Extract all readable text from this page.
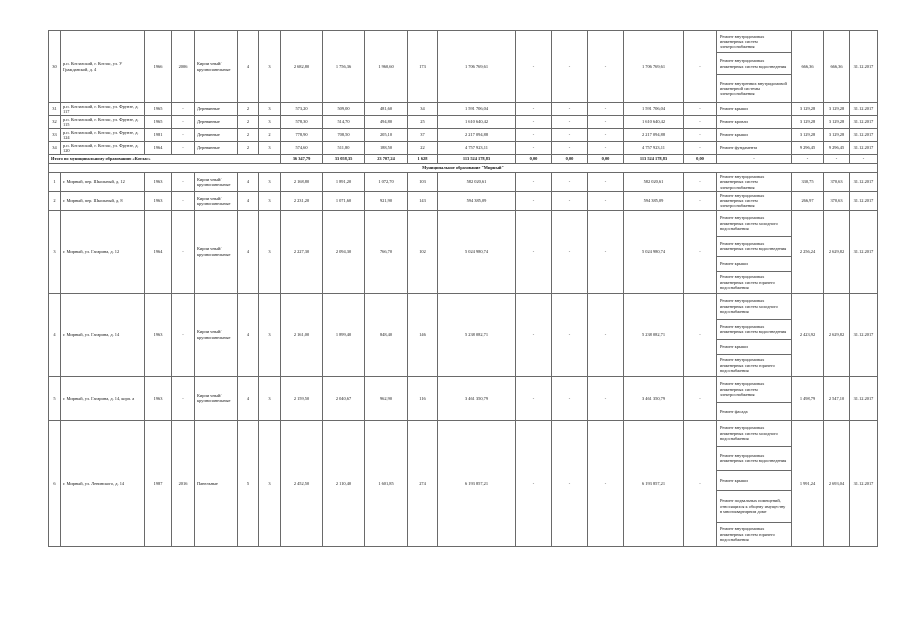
30	р.п. Котлазский, г. Котлас, ул. У Гражданской, д. 4	1966	2006	Кирпи чный/ крупнопанельные	4	3	2 682,80	1 756,36	1 960,60	173	1 706 769,61	-	-	-	1 706 769,61	-	Ремонт внутридомовых инженерных систем электроснабжения	666,36	666,36	31.12.2017
																	Ремонт внутридомовых инженерных систем водоотведения			
																	Ремонт внутренних внутридомовой инженерной системы электроснабжения			
31	р.п. Котлазский, г. Котлас, ул. Фрунзе, д. 117	1965	-	Деревянные	2	3	573,20	509,00	481,60	34	1 591 706,04	-	-	-	1 591 706,04	-	Ремонт крыши	3 129,28	3 129,28	31.12.2017
32	р.п. Котлазский, г. Котлас, ул. Фрунзе, д. 115	1965	-	Деревянные	2	3	578,30	514,70	494,80	25	1 610 640,42	-	-	-	1 610 640,42	-	Ремонт кровли	3 129,28	3 129,28	31.12.2017
33	р.п. Котлазский, г. Котлас, ул. Фрунзе, д. 124	1981	-	Деревянные	2	2	778,90	708,50	205,10	37	2 217 094,88	-	-	-	2 217 094,88	-	Ремонт крыши	3 129,28	3 129,28	31.12.2017
34	р.п. Котлазский, г. Котлас, ул. Фрунзе, д. 120	1964	-	Деревянные	2	3	574,60	511,80	188,50	22	4 757 923,11	-	-	-	4 757 923,11	-	Ремонт фундамента	9 296,45	9 296,45	31.12.2017
Итого по муниципальному образованию «Котлас»							36 347,79	33 058,35	23 707,24	1 628	113 524 178,83	0,00	0,00	0,00	113 524 178,83	0,00	-	-	-	-
Муниципальное образование "Мирный"																				
1	г. Мирный, пер. Школьный, д. 12	1963	-	Кирпи чный/ крупнопанельные	4	3	2 168,80	1 891,20	1 072,70	103	582 020,61	-	-	-	582 020,61	-	Ремонт внутридомовых инженерных систем электроснабжения	330,75	370,63	31.12.2017
2	г. Мирный, пер. Школьный, д. 8	1963	-	Кирпи чный/ крупнопанельные	4	3	2 231,20	1 071,60	921,90	143	594 385,09	-	-	-	594 385,09	-	Ремонт внутридомовых инженерных систем электроснабжения	266,97	370,63	31.12.2017
3	г. Мирный, ул. Гагарина, д. 12	1964	-	Кирпи чный/ крупнопанельные	4	3	2 227,30	2 094,30	766,70	102	5 024 980,74	-	-	-	5 024 980,74	-	Ремонт внутридомовых инженерных систем холодного водоснабжения	2 256,24	2 629,82	31.12.2017
																	Ремонт внутридомовых инженерных систем водоотведения			
																	Ремонт крыши			
																	Ремонт внутридомовых инженерных систем горячего водоснабжения			
4	г. Мирный, ул. Гагарина, д. 14	1963	-	Кирпи чный/ крупнопанельные	4	3	2 161,00	1 899,40	848,40	146	5 238 082,71	-	-	-	5 238 082,71	-	Ремонт внутридомовых инженерных систем холодного водоснабжения	2 423,92	2 629,82	31.12.2017
																	Ремонт внутридомовых инженерных систем водоотведения			
																	Ремонт крыши			
																	Ремонт внутридомовых инженерных систем горячего водоснабжения			
5	г. Мирный, ул. Гагарина, д. 14, корп. а	1963	-	Кирпи чный/ крупнопанельные	4	3	2 159,50	2 040,67	962,90	116	3 461 350,79	-	-	-	3 461 350,79	-	Ремонт внутридомовых инженерных систем электроснабжения	1 498,79	2 547,10	31.12.2017
																	Ремонт фасада			
6	г. Мирный, ул. Ленинского, д. 14	1987	2016	Панельные	5	3	2 452,50	2 110,40	1 601,85	274	6 193 857,21	-	-	-	6 193 857,21	-	Ремонт внутридомовых инженерных систем холодного водоснабжения	1 991,24	2 693,04	31.12.2017
																	Ремонт внутридомовых инженерных систем водоотведения			
																	Ремонт крыши			
																	Ремонт подвальных помещений, относящихся к общему имуществу в многоквартирном доме			
																	Ремонт внутридомовых инженерных систем горячего водоснабжения			
